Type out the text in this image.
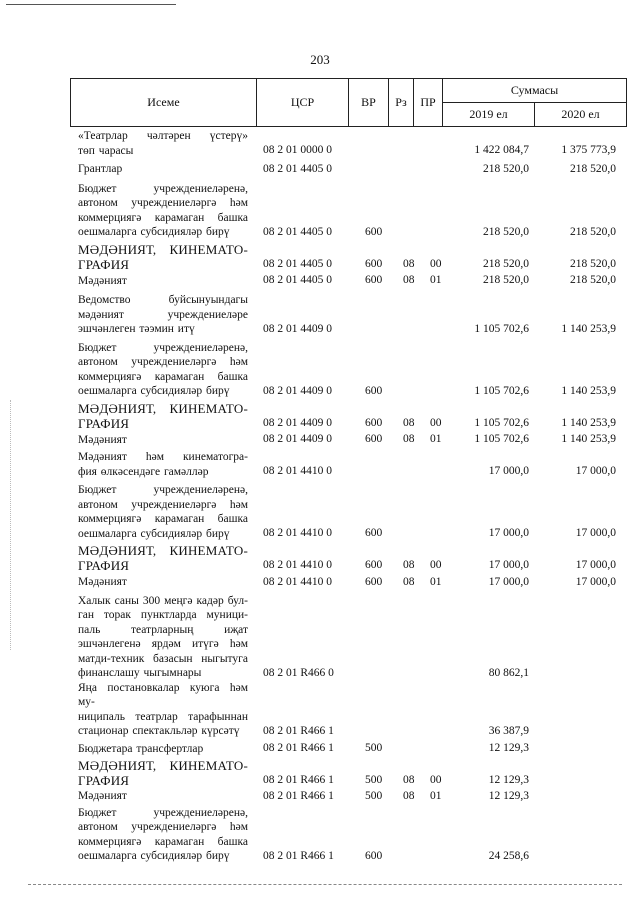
203
Исеме	ЦСР	ВР	Рз	ПР	Суммасы	
					2019 ел	2020 ел
«Театрлар чәлтәрен үстерү»
төп чарасы	08 2 01 0000 0	1 422 084,7	1 375 773,9
Грантлар	08 2 01 4405 0	218 520,0	218 520,0
Бюджет учреждениеләренә,
автоном учреждениеләргә һәм
коммерциягә карамаган башка
оешмаларга субсидияләр бирү	08 2 01 4405 0	600	218 520,0	218 520,0
МӘДӘНИЯТ, КИНЕМАТО-
ГРАФИЯ	08 2 01 4405 0	600 08 00	218 520,0	218 520,0
Мәдәният	08 2 01 4405 0	600 08 01	218 520,0	218 520,0
Ведомство буйсынуындагы
мәдәният учреждениеләре
эшчәнлеген тәэмин итү	08 2 01 4409 0	1 105 702,6	1 140 253,9
Бюджет учреждениеләренә,
автоном учреждениеләргә һәм
коммерциягә карамаган башка
оешмаларга субсидияләр бирү	08 2 01 4409 0	600	1 105 702,6	1 140 253,9
МӘДӘНИЯТ, КИНЕМАТО-
ГРАФИЯ	08 2 01 4409 0	600 08 00	1 105 702,6	1 140 253,9
Мәдәният	08 2 01 4409 0	600 08 01	1 105 702,6	1 140 253,9
Мәдәният һәм кинематогра-
фия өлкәсендәге гамәлләр	08 2 01 4410 0	17 000,0	17 000,0
Бюджет учреждениеләренә,
автоном учреждениеләргә һәм
коммерциягә карамаган башка
оешмаларга субсидияләр бирү	08 2 01 4410 0	600	17 000,0	17 000,0
МӘДӘНИЯТ, КИНЕМАТО-
ГРАФИЯ	08 2 01 4410 0	600 08 00	17 000,0	17 000,0
Мәдәният	08 2 01 4410 0	600 08 01	17 000,0	17 000,0
Халык саны 300 меңгә кадәр бул-
ган торак пунктларда муници-
паль театрларның иҗат
эшчәнлегенә ярдәм итүгә һәм
матди-техник базасын ныгытуга
финанслашу чыгымнары	08 2 01 R466 0	80 862,1
Яңа постановкалар куюга һәм му-
ниципаль театрлар тарафыннан
стационар спектакльләр күрсәтү	08 2 01 R466 1	36 387,9
Бюджетара трансфертлар	08 2 01 R466 1	500	12 129,3
МӘДӘНИЯТ, КИНЕМАТО-
ГРАФИЯ	08 2 01 R466 1	500 08 00	12 129,3
Мәдәният	08 2 01 R466 1	500 08 01	12 129,3
Бюджет учреждениеләренә,
автоном учреждениеләргә һәм
коммерциягә карамаган башка
оешмаларга субсидияләр бирү	08 2 01 R466 1	600	24 258,6
